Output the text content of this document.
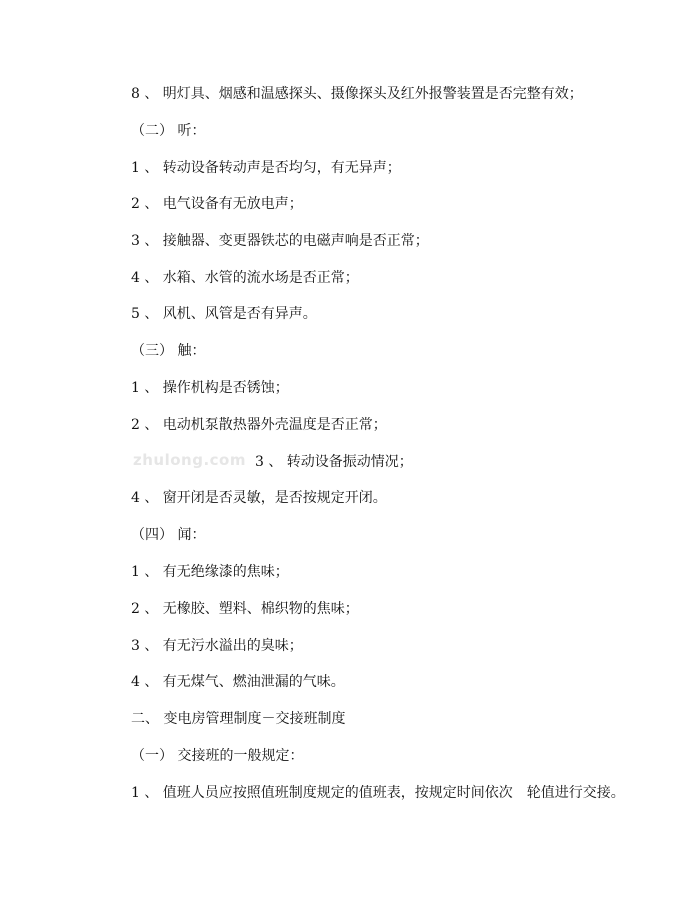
zhulong.com
8 、 明灯具、烟感和温感探头、摄像探头及红外报警装置是否完整有效；
（二） 听：
1 、 转动设备转动声是否均匀，有无异声；
2 、 电气设备有无放电声；
3 、 接触器、变更器铁芯的电磁声响是否正常；
4 、 水箱、水管的流水场是否正常；
5 、 风机、风管是否有异声。
（三） 触：
1 、 操作机构是否锈蚀；
2 、 电动机泵散热器外壳温度是否正常；
3 、 转动设备振动情况；
4 、 窗开闭是否灵敏，是否按规定开闭。
（四） 闻：
1 、 有无绝缘漆的焦味；
2 、 无橡胶、塑料、棉织物的焦味；
3 、 有无污水溢出的臭味；
4 、 有无煤气、燃油泄漏的气味。
二、 变电房管理制度－交接班制度
（一） 交接班的一般规定：
1 、 值班人员应按照值班制度规定的值班表，按规定时间依次　轮值进行交接。
